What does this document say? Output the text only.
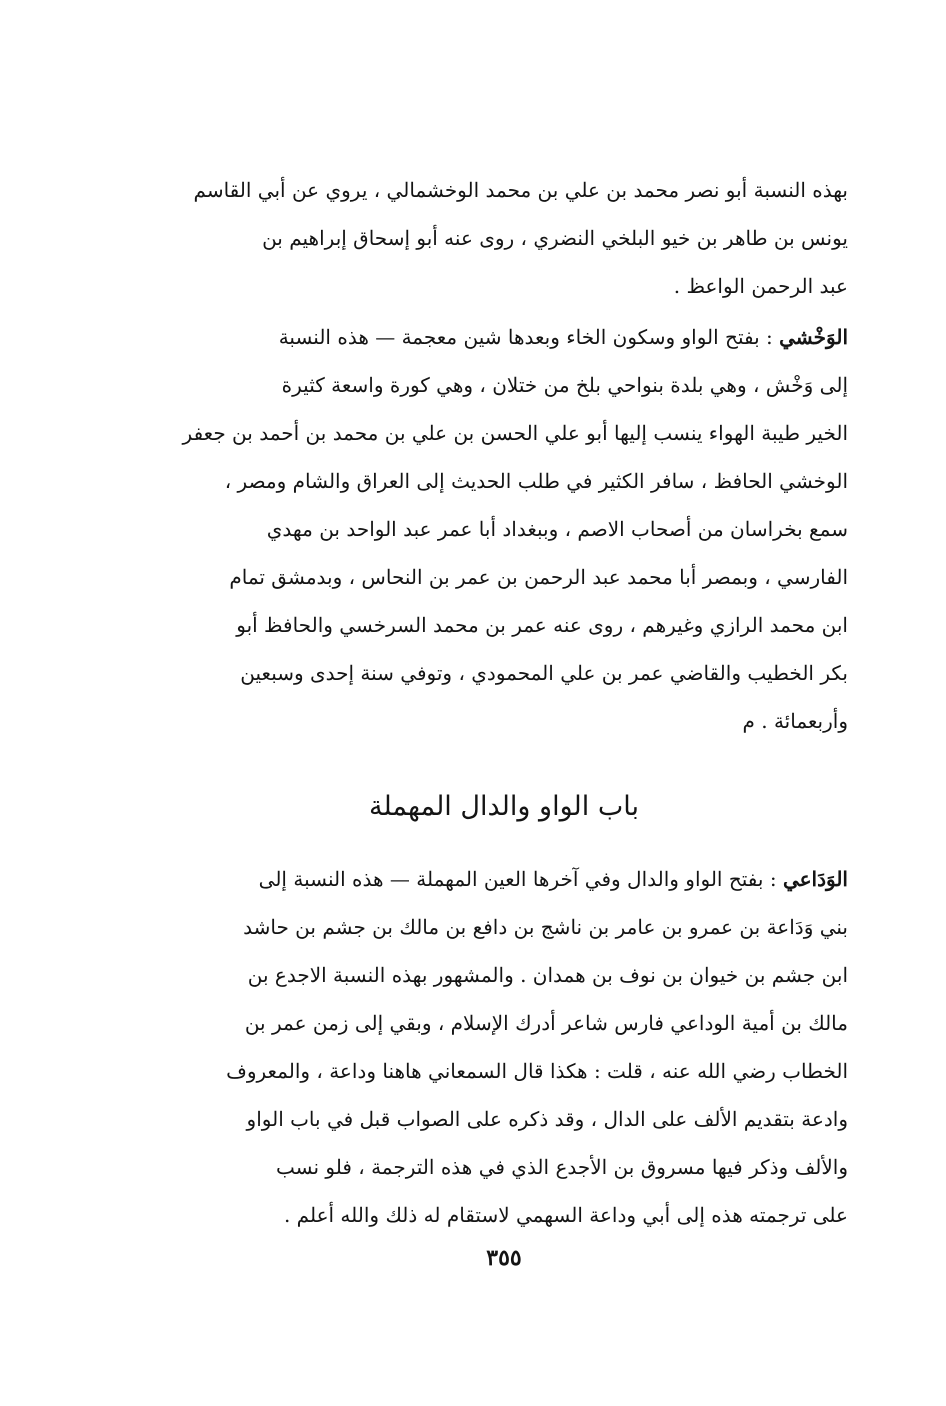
بهذه النسبة أبو نصر محمد بن علي بن محمد الوخشمالي ، يروي عن أبي القاسم
يونس بن طاهر بن خيو البلخي النضري ، روى عنه أبو إسحاق إبراهيم بن
عبد الرحمن الواعظ .
الوَخْشي : بفتح الواو وسكون الخاء وبعدها شين معجمة — هذه النسبة
إلى وَخْش ، وهي بلدة بنواحي بلخ من ختلان ، وهي كورة واسعة كثيرة
الخير طيبة الهواء ينسب إليها أبو علي الحسن بن علي بن محمد بن أحمد بن جعفر
الوخشي الحافظ ، سافر الكثير في طلب الحديث إلى العراق والشام ومصر ،
سمع بخراسان من أصحاب الاصم ، وببغداد أبا عمر عبد الواحد بن مهدي
الفارسي ، وبمصر أبا محمد عبد الرحمن بن عمر بن النحاس ، وبدمشق تمام
ابن محمد الرازي وغيرهم ، روى عنه عمر بن محمد السرخسي والحافظ أبو
بكر الخطيب والقاضي عمر بن علي المحمودي ، وتوفي سنة إحدى وسبعين
وأربعمائة . م
باب الواو والدال المهملة
الوَدَاعي : بفتح الواو والدال وفي آخرها العين المهملة — هذه النسبة إلى
بني وَدَاعة بن عمرو بن عامر بن ناشج بن دافع بن مالك بن جشم بن حاشد
ابن جشم بن خيوان بن نوف بن همدان . والمشهور بهذه النسبة الاجدع بن
مالك بن أمية الوداعي فارس شاعر أدرك الإسلام ، وبقي إلى زمن عمر بن
الخطاب رضي الله عنه ، قلت : هكذا قال السمعاني هاهنا وداعة ، والمعروف
وادعة بتقديم الألف على الدال ، وقد ذكره على الصواب قبل في باب الواو
والألف وذكر فيها مسروق بن الأجدع الذي في هذه الترجمة ، فلو نسب
على ترجمته هذه إلى أبي وداعة السهمي لاستقام له ذلك والله أعلم .
٣٥٥
